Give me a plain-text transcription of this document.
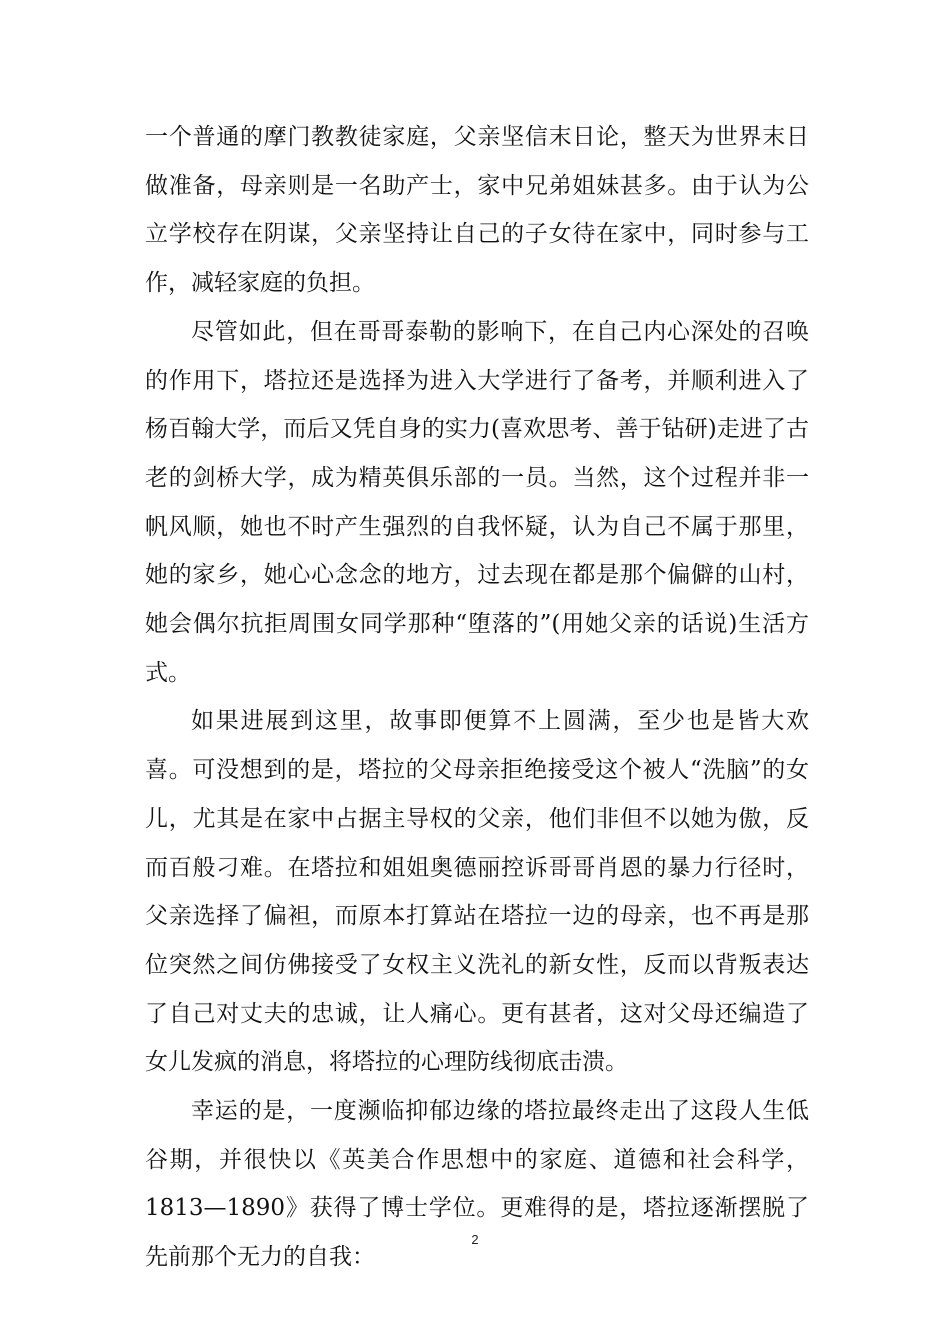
一个普通的摩门教教徒家庭，父亲坚信末日论，整天为世界末日做准备，母亲则是一名助产士，家中兄弟姐妹甚多。由于认为公立学校存在阴谋，父亲坚持让自己的子女待在家中，同时参与工作，减轻家庭的负担。

尽管如此，但在哥哥泰勒的影响下，在自己内心深处的召唤的作用下，塔拉还是选择为进入大学进行了备考，并顺利进入了杨百翰大学，而后又凭自身的实力(喜欢思考、善于钻研)走进了古老的剑桥大学，成为精英俱乐部的一员。当然，这个过程并非一帆风顺，她也不时产生强烈的自我怀疑，认为自己不属于那里，她的家乡，她心心念念的地方，过去现在都是那个偏僻的山村，她会偶尔抗拒周围女同学那种“堕落的”(用她父亲的话说)生活方式。

如果进展到这里，故事即便算不上圆满，至少也是皆大欢喜。可没想到的是，塔拉的父母亲拒绝接受这个被人“洗脑”的女儿，尤其是在家中占据主导权的父亲，他们非但不以她为傲，反而百般刁难。在塔拉和姐姐奥德丽控诉哥哥肖恩的暴力行径时，父亲选择了偏袒，而原本打算站在塔拉一边的母亲，也不再是那位突然之间仿佛接受了女权主义洗礼的新女性，反而以背叛表达了自己对丈夫的忠诚，让人痛心。更有甚者，这对父母还编造了女儿发疯的消息，将塔拉的心理防线彻底击溃。

幸运的是，一度濒临抑郁边缘的塔拉最终走出了这段人生低谷期，并很快以《英美合作思想中的家庭、道德和社会科学，1813—1890》获得了博士学位。更难得的是，塔拉逐渐摆脱了先前那个无力的自我：

2
